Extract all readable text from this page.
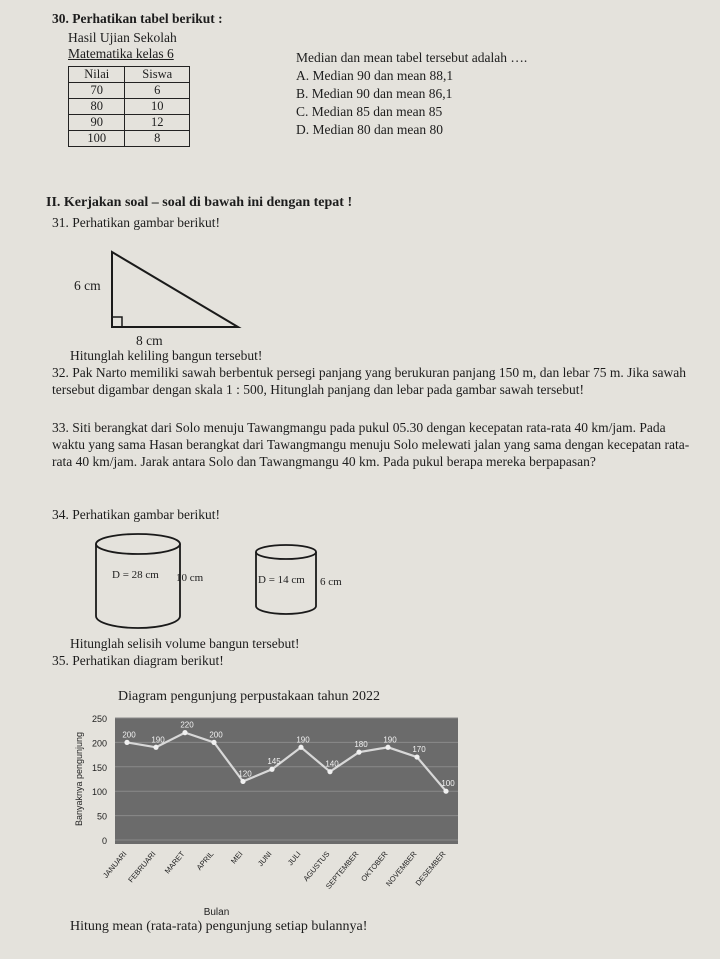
30. Perhatikan tabel berikut :
Hasil Ujian Sekolah
Matematika kelas 6
Nilai	Siswa
70	6
80	10
90	12
100	8
Median dan mean tabel tersebut adalah ….
A. Median 90 dan mean 88,1
B. Median 90 dan mean 86,1
C. Median 85 dan mean 85
D. Median 80 dan mean 80
II. Kerjakan soal – soal di bawah ini dengan tepat !
31. Perhatikan gambar berikut!
6 cm
8 cm
Hitunglah keliling bangun tersebut!
32. Pak Narto memiliki sawah berbentuk persegi panjang yang berukuran panjang 150 m, dan lebar 75 m. Jika sawah tersebut digambar dengan skala 1 : 500, Hitunglah panjang dan lebar pada gambar sawah tersebut!
33. Siti berangkat dari Solo menuju Tawangmangu pada pukul 05.30 dengan kecepatan rata-rata 40 km/jam. Pada waktu yang sama Hasan berangkat dari Tawangmangu menuju Solo melewati jalan yang sama dengan kecepatan rata-rata 40 km/jam. Jarak antara Solo dan Tawangmangu 40 km. Pada pukul berapa mereka berpapasan?
34. Perhatikan gambar berikut!
D = 28 cm 10 cm	D = 14 cm 6 cm
Hitunglah selisih volume bangun tersebut!
35. Perhatikan diagram berikut!
Diagram pengunjung perpustakaan tahun 2022
0
50
100
150
200
250
200
190
220
200
120
145
190
140
180
190
170
100
JANUARI
FEBRUARI MARET APRIL MEI JUNI JULI
AGUSTUS
SEPTEMBER
OKTOBER
NOVEMBER
DESEMBER
Banyaknya pengunjung
Bulan
Hitung mean (rata-rata) pengunjung setiap bulannya!
